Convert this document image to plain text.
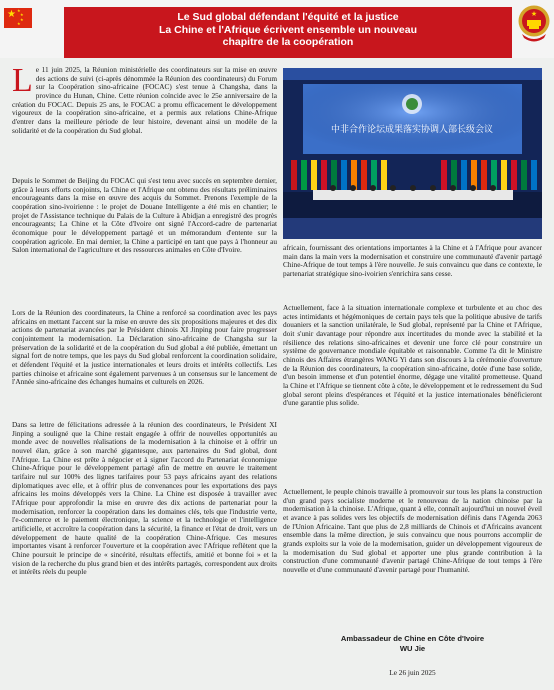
★ ★
★
★
★
Le Sud global défendant l'équité et la justice
La Chine et l'Afrique écrivent ensemble un nouveau
chapitre de la coopération
★

Le 11 juin 2025, la Réunion ministérielle des coordinateurs sur la mise en œuvre des actions de suivi (ci-après dénommée la Réunion des coordinateurs) du Forum sur la Coopération sino-africaine (FOCAC) s'est tenue à Changsha, dans la province du Hunan, Chine. Cette réunion coïncide avec le 25e anniversaire de la création du FOCAC. Depuis 25 ans, le FOCAC a promu efficacement le développement vigoureux de la coopération sino-africaine, et a permis aux relations Chine-Afrique d'entrer dans la meilleure période de leur histoire, devenant ainsi un modèle de la solidarité et de la coopération du Sud global.

Depuis le Sommet de Beijing du FOCAC qui s'est tenu avec succès en septembre dernier, grâce à leurs efforts conjoints, la Chine et l'Afrique ont obtenu des résultats préliminaires encourageants dans la mise en œuvre des acquis du Sommet. Prenons l'exemple de la coopération sino-ivoirienne : le projet de Douane Intelligente a été mis en chantier; le projet de l'Assistance technique du Palais de la Culture à Abidjan a enregistré des progrès encourageants; La Chine et la Côte d'Ivoire ont signé l'Accord-cadre de partenariat économique pour le développement partagé et un mémorandum d'entente sur la coopération agricole. En mai dernier, la Chine a participé en tant que pays à l'honneur au Salon international de l'agriculture et des ressources animales en Côte d'Ivoire.

Lors de la Réunion des coordinateurs, la Chine a renforcé sa coordination avec les pays africains en mettant l'accent sur la mise en œuvre des six propositions majeures et des dix actions de partenariat avancées par le Président chinois XI Jinping pour faire progresser conjointement la modernisation. La Déclaration sino-africaine de Changsha sur la préservation de la solidarité et de la coopération du Sud global a été publiée, émettant un signal fort de notre temps, que les pays du Sud global renforcent la coordination solidaire, et défendent l'équité et la justice internationales et leurs droits et intérêts collectifs. Les parties chinoise et africaine sont également parvenues à un consensus sur le lancement de l'Année sino-africaine des échanges humains et culturels en 2026.

Dans sa lettre de félicitations adressée à la réunion des coordinateurs, le Président XI Jinping a souligné que la Chine restait engagée à offrir de nouvelles opportunités au monde avec de nouvelles réalisations de la modernisation à la chinoise et à offrir un nouvel élan, grâce à son marché gigantesque, aux partenaires du Sud global, dont l'Afrique. La Chine est prête à négocier et à signer l'accord du Partenariat économique Chine-Afrique pour le développement partagé afin de mettre en œuvre le traitement tarifaire nul sur 100% des lignes tarifaires pour 53 pays africains ayant des relations diplomatiques avec elle, et à offrir plus de convenances pour les exportations des pays africains les moins développés vers la Chine. La Chine est disposée à travailler avec l'Afrique pour approfondir la mise en œuvre des dix actions de partenariat pour la modernisation, renforcer la coopération dans les domaines clés, tels que l'industrie verte, l'e-commerce et le paiement électronique, la science et la technologie et l'intelligence artificielle, et accroître la coopération dans la sécurité, la finance et l'état de droit, vers un développement de haute qualité de la coopération Chine-Afrique. Ces mesures importantes visant à renforcer l'ouverture et la coopération avec l'Afrique reflètent que la Chine poursuit le principe de « sincérité, résultats effectifs, amitié et bonne foi » et la vision de la recherche du plus grand bien et des intérêts partagés, correspondent aux droits et intérêts réels du peuple

中非合作论坛成果落实协调人部长级会议

africain, fournissant des orientations importantes à la Chine et à l'Afrique pour avancer main dans la main vers la modernisation et construire une communauté d'avenir partagé Chine-Afrique de tout temps à l'ère nouvelle. Je suis convaincu que dans ce contexte, le partenariat stratégique sino-ivoirien s'enrichira sans cesse.

Actuellement, face à la situation internationale complexe et turbulente et au choc des actes intimidants et hégémoniques de certain pays tels que la politique abusive de tarifs douaniers et la sanction unilatérale, le Sud global, représenté par la Chine et l'Afrique, doit s'unir davantage pour répondre aux incertitudes du monde avec la stabilité et la résilience des relations sino-africaines et devenir une force clé pour construire un système de gouvernance mondiale équitable et raisonnable. Comme l'a dit le Ministre chinois des Affaires étrangères WANG Yi dans son discours à la cérémonie d'ouverture de la Réunion des coordinateurs, la coopération sino-africaine, dotée d'une base solide, d'un besoin immense et d'un potentiel énorme, dégage une vitalité prometteuse. Quand la Chine et l'Afrique se tiennent côte à côte, le développement et le redressement du Sud global seront pleins d'espérances et l'équité et la justice internationales bénéficieront d'une garantie plus solide.

Actuellement, le peuple chinois travaille à promouvoir sur tous les plans la construction d'un grand pays socialiste moderne et le renouveau de la nation chinoise par la modernisation à la chinoise. L'Afrique, quant à elle, connaît aujourd'hui un nouvel éveil et avance à pas solides vers les objectifs de modernisation définis dans l'Agenda 2063 de l'Union Africaine. Tant que plus de 2,8 milliards de Chinois et d'Africains avancent ensemble dans la même direction, je suis convaincu que nous pourrons accomplir de grands exploits sur la voie de la modernisation, guider un développement vigoureux de la modernisation du Sud global et apporter une plus grande contribution à la construction d'une communauté d'avenir partagé Chine-Afrique de tout temps à l'ère nouvelle et d'une communauté d'avenir partagé pour l'humanité.

Ambassadeur de Chine en Côte d'Ivoire
WU Jie
Le 26 juin 2025
